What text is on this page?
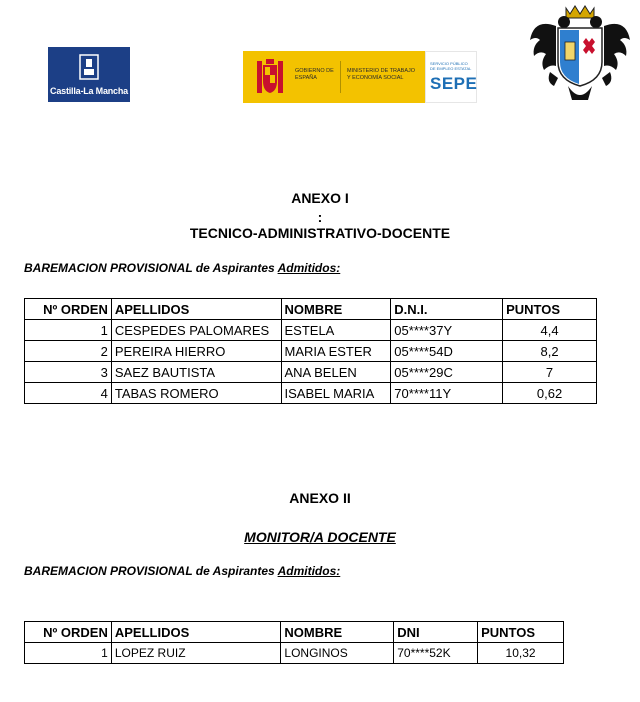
Castilla-La Mancha
GOBIERNO DE ESPAÑA
MINISTERIO DE TRABAJO Y ECONOMÍA SOCIAL
SERVICIO PÚBLICO DE EMPLEO ESTATAL
SEPE
ANEXO I
:
TECNICO-ADMINISTRATIVO-DOCENTE
BAREMACION PROVISIONAL de Aspirantes Admitidos:
Nº ORDEN	APELLIDOS	NOMBRE	D.N.I.	PUNTOS
1	CESPEDES PALOMARES	ESTELA	05****37Y	4,4
2	PEREIRA HIERRO	MARIA ESTER	05****54D	8,2
3	SAEZ BAUTISTA	ANA BELEN	05****29C	7
4	TABAS ROMERO	ISABEL MARIA	70****11Y	0,62
ANEXO II
MONITOR/A DOCENTE
BAREMACION PROVISIONAL de Aspirantes Admitidos:
Nº ORDEN	APELLIDOS	NOMBRE	DNI	PUNTOS
1	LOPEZ RUIZ	LONGINOS	70****52K	10,32
